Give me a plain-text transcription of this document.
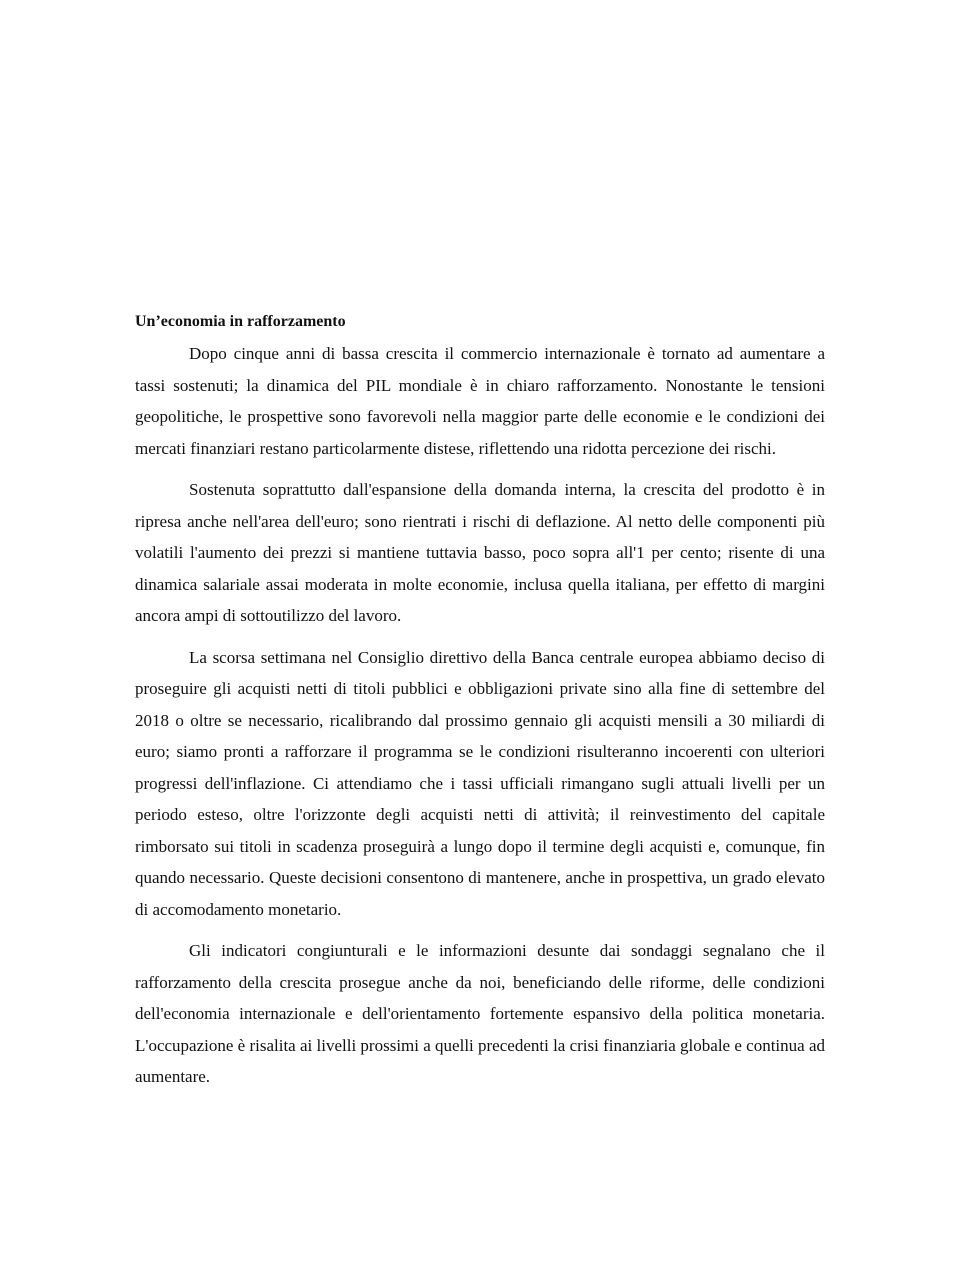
Un’economia in rafforzamento

Dopo cinque anni di bassa crescita il commercio internazionale è tornato ad aumentare a tassi sostenuti; la dinamica del PIL mondiale è in chiaro rafforzamento. Nonostante le tensioni geopolitiche, le prospettive sono favorevoli nella maggior parte delle economie e le condizioni dei mercati finanziari restano particolarmente distese, riflettendo una ridotta percezione dei rischi.

Sostenuta soprattutto dall'espansione della domanda interna, la crescita del prodotto è in ripresa anche nell'area dell'euro; sono rientrati i rischi di deflazione. Al netto delle componenti più volatili l'aumento dei prezzi si mantiene tuttavia basso, poco sopra all'1 per cento; risente di una dinamica salariale assai moderata in molte economie, inclusa quella italiana, per effetto di margini ancora ampi di sottoutilizzo del lavoro.

La scorsa settimana nel Consiglio direttivo della Banca centrale europea abbiamo deciso di proseguire gli acquisti netti di titoli pubblici e obbligazioni private sino alla fine di settembre del 2018 o oltre se necessario, ricalibrando dal prossimo gennaio gli acquisti mensili a 30 miliardi di euro; siamo pronti a rafforzare il programma se le condizioni risulteranno incoerenti con ulteriori progressi dell'inflazione. Ci attendiamo che i tassi ufficiali rimangano sugli attuali livelli per un periodo esteso, oltre l'orizzonte degli acquisti netti di attività; il reinvestimento del capitale rimborsato sui titoli in scadenza proseguirà a lungo dopo il termine degli acquisti e, comunque, fin quando necessario. Queste decisioni consentono di mantenere, anche in prospettiva, un grado elevato di accomodamento monetario.

Gli indicatori congiunturali e le informazioni desunte dai sondaggi segnalano che il rafforzamento della crescita prosegue anche da noi, beneficiando delle riforme, delle condizioni dell'economia internazionale e dell'orientamento fortemente espansivo della politica monetaria. L'occupazione è risalita ai livelli prossimi a quelli precedenti la crisi finanziaria globale e continua ad aumentare.
